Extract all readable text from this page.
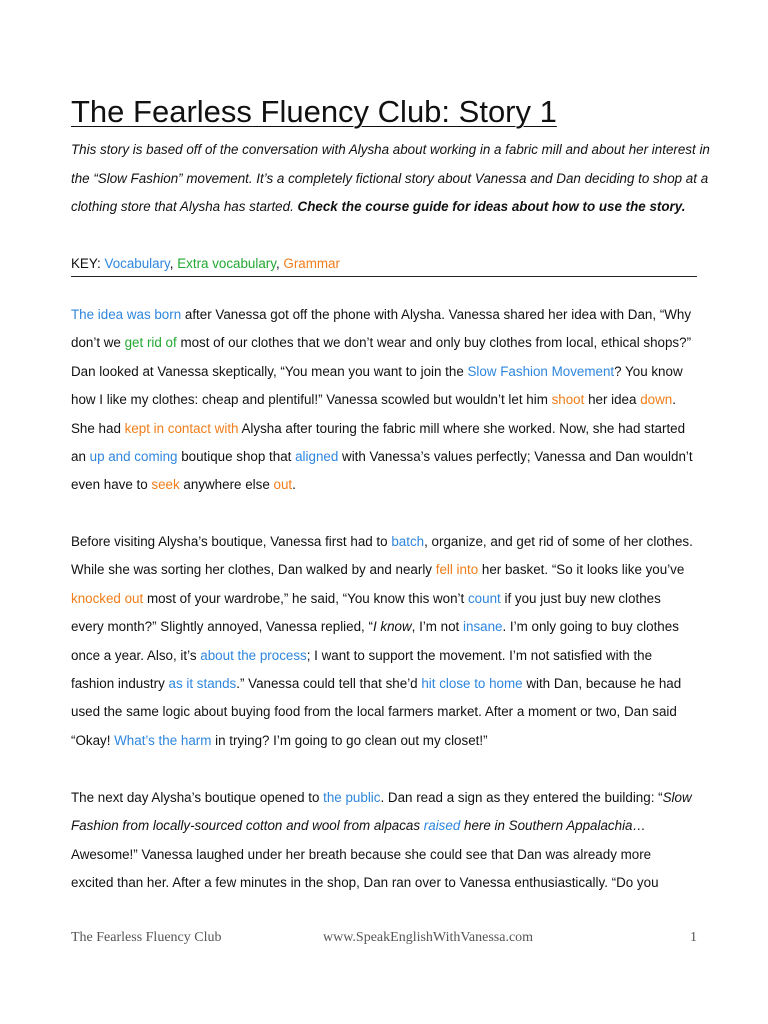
The Fearless Fluency Club: Story 1
This story is based off of the conversation with Alysha about working in a fabric mill and about her interest in the “Slow Fashion” movement. It’s a completely fictional story about Vanessa and Dan deciding to shop at a clothing store that Alysha has started. Check the course guide for ideas about how to use the story.
KEY: Vocabulary, Extra vocabulary, Grammar

The idea was born after Vanessa got off the phone with Alysha. Vanessa shared her idea with Dan, “Why don’t we get rid of most of our clothes that we don’t wear and only buy clothes from local, ethical shops?” Dan looked at Vanessa skeptically, “You mean you want to join the Slow Fashion Movement? You know how I like my clothes: cheap and plentiful!” Vanessa scowled but wouldn’t let him shoot her idea down. She had kept in contact with Alysha after touring the fabric mill where she worked. Now, she had started an up and coming boutique shop that aligned with Vanessa’s values perfectly; Vanessa and Dan wouldn’t even have to seek anywhere else out.

Before visiting Alysha’s boutique, Vanessa first had to batch, organize, and get rid of some of her clothes. While she was sorting her clothes, Dan walked by and nearly fell into her basket. “So it looks like you’ve knocked out most of your wardrobe,” he said, “You know this won’t count if you just buy new clothes every month?” Slightly annoyed, Vanessa replied, “I know, I’m not insane. I’m only going to buy clothes once a year. Also, it’s about the process; I want to support the movement. I’m not satisfied with the fashion industry as it stands.” Vanessa could tell that she’d hit close to home with Dan, because he had used the same logic about buying food from the local farmers market. After a moment or two, Dan said “Okay! What’s the harm in trying? I’m going to go clean out my closet!”

The next day Alysha’s boutique opened to the public. Dan read a sign as they entered the building: “Slow Fashion from locally-sourced cotton and wool from alpacas raised here in Southern Appalachia… Awesome!” Vanessa laughed under her breath because she could see that Dan was already more excited than her. After a few minutes in the shop, Dan ran over to Vanessa enthusiastically. “Do you

The Fearless Fluency Club	www.SpeakEnglishWithVanessa.com	1
